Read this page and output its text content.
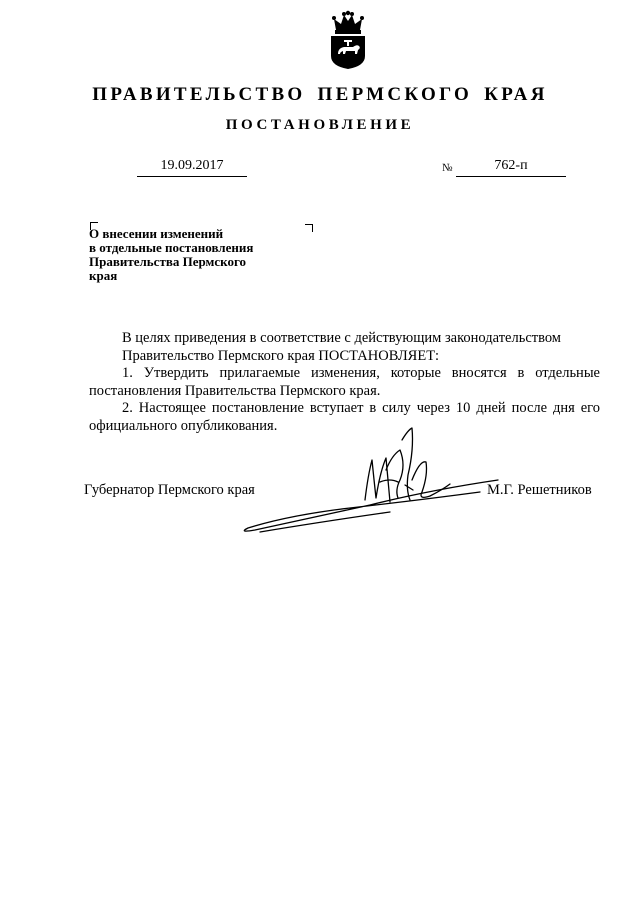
ПРАВИТЕЛЬСТВО ПЕРМСКОГО КРАЯ
ПОСТАНОВЛЕНИЕ
19.09.2017	№	762-п
О внесении изменений
в отдельные постановления
Правительства Пермского
края

В целях приведения в соответствие с действующим законодательством

Правительство Пермского края ПОСТАНОВЛЯЕТ:

1. Утвердить прилагаемые изменения, которые вносятся в отдельные постановления Правительства Пермского края.

2. Настоящее постановление вступает в силу через 10 дней после дня его официального опубликования.

Губернатор Пермского края	М.Г. Решетников
